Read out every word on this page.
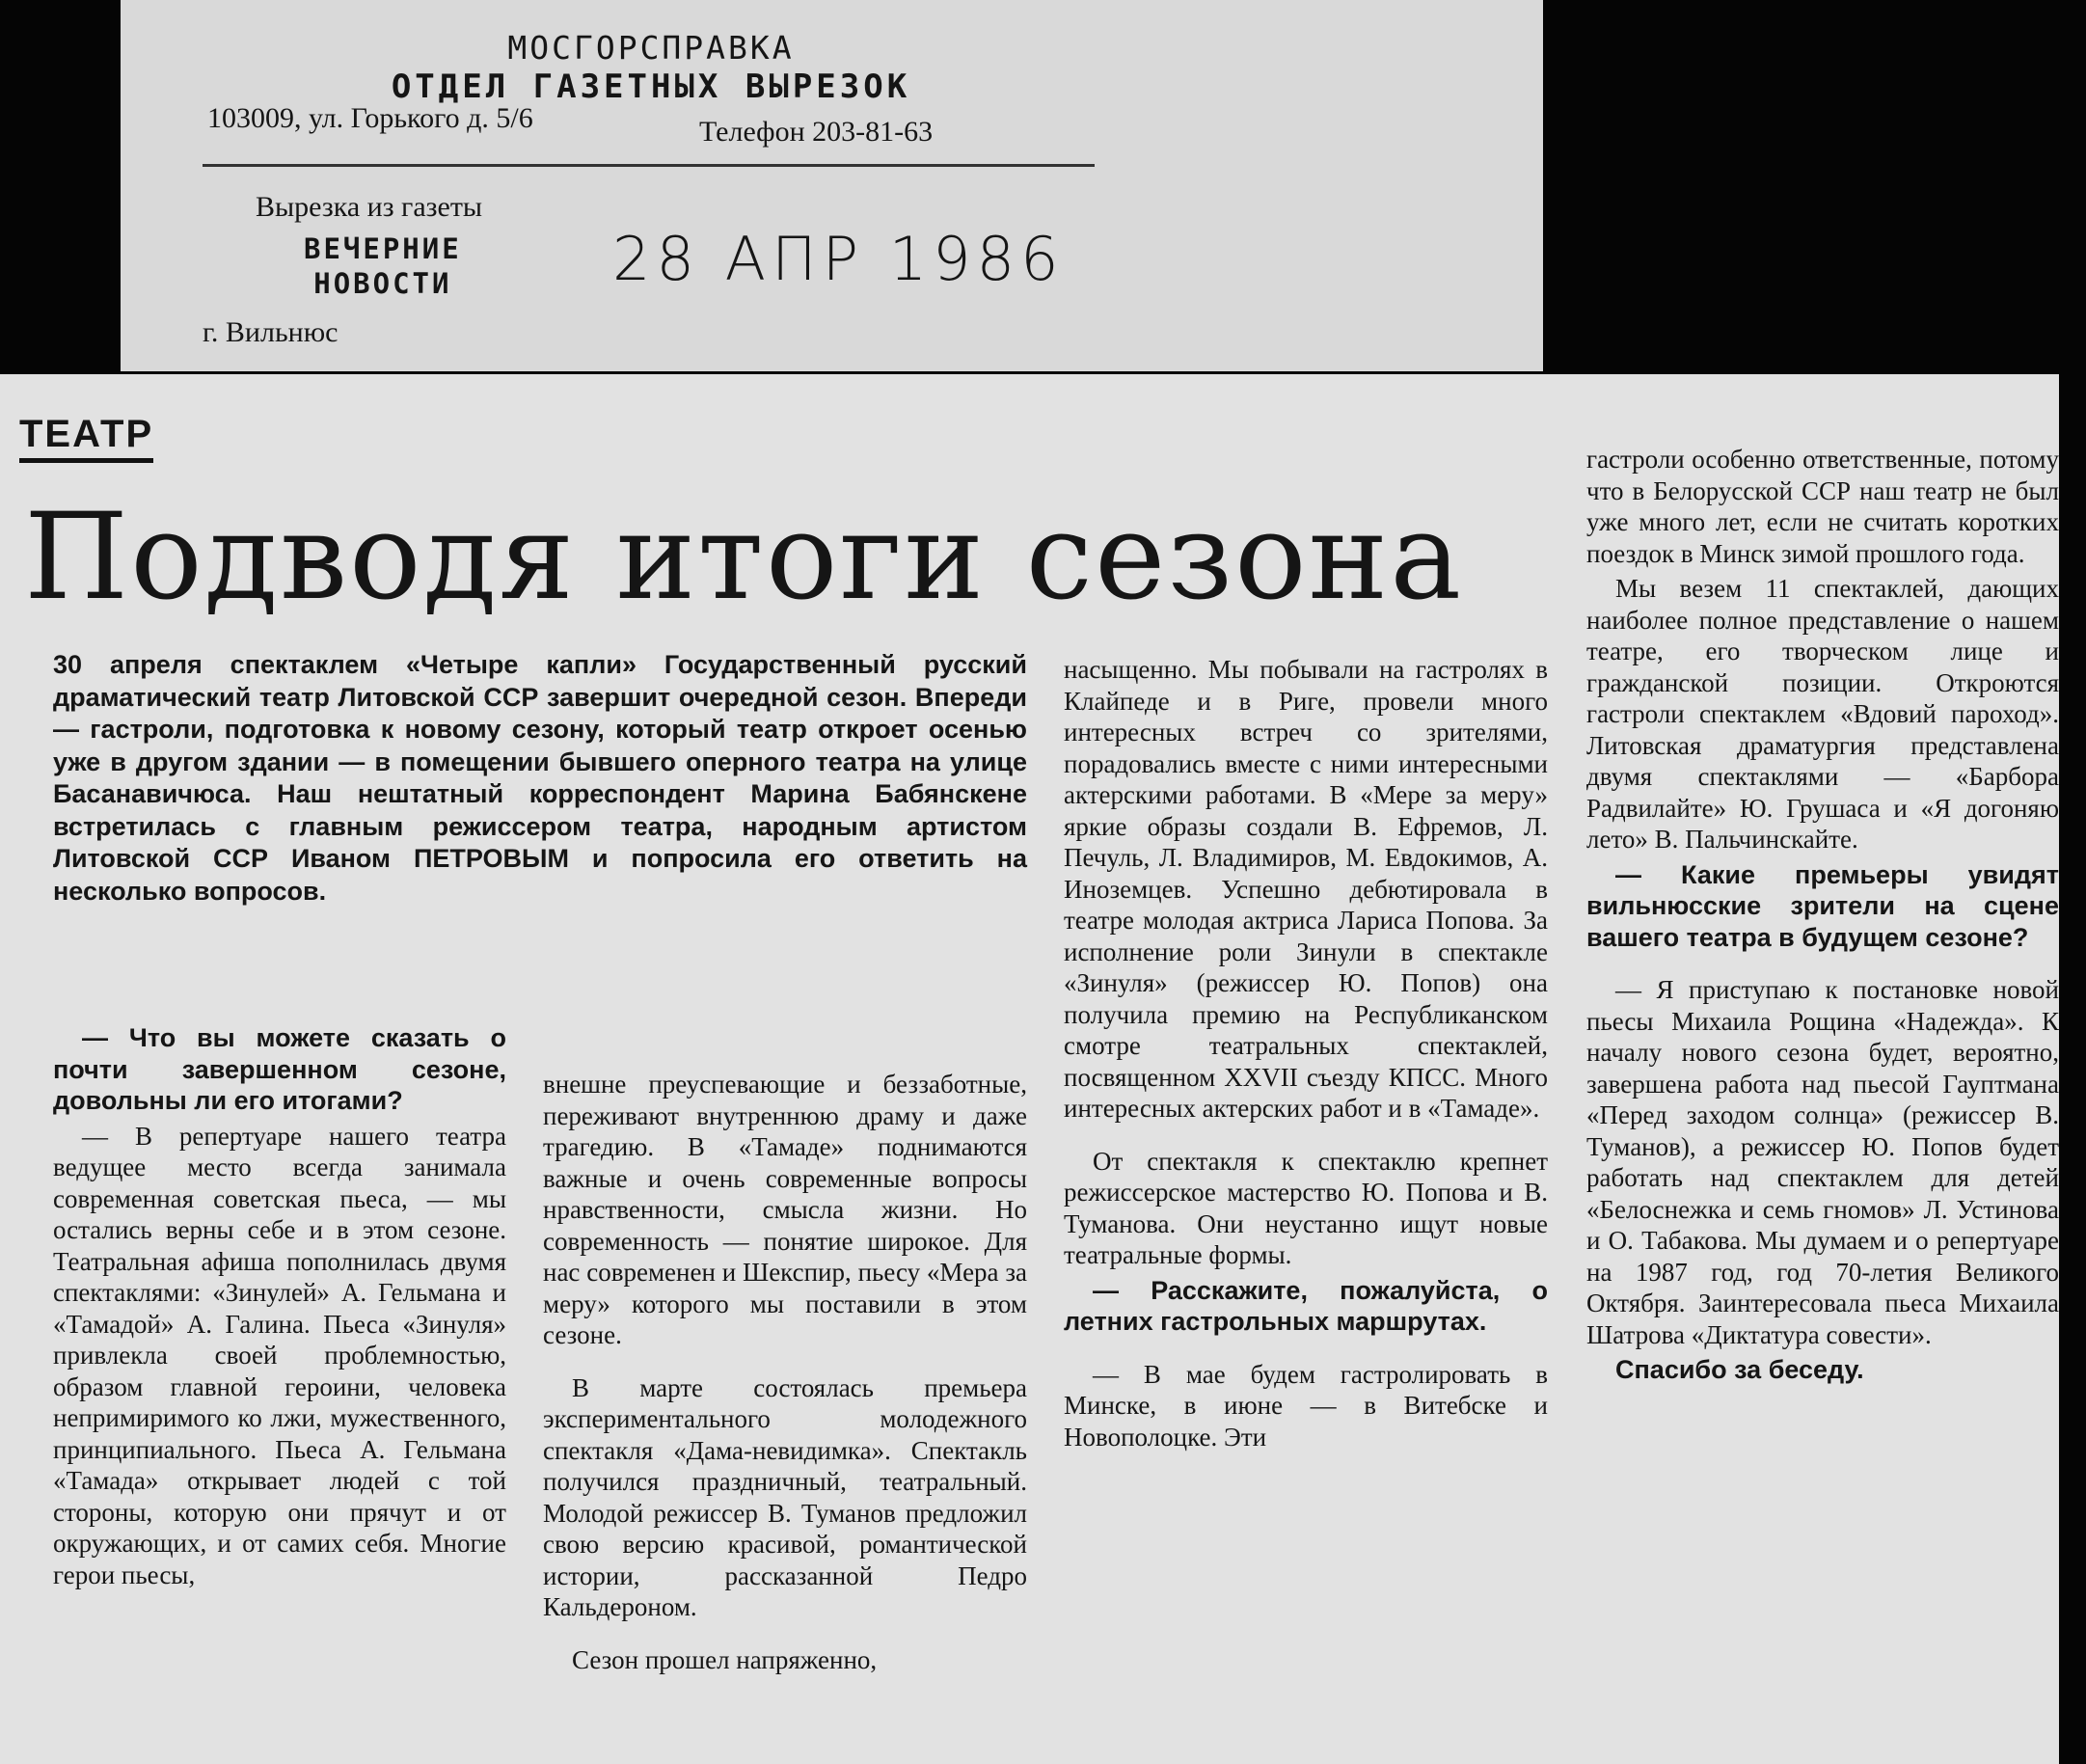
МОСГОРСПРАВКА
ОТДЕЛ ГАЗЕТНЫХ ВЫРЕЗОК
103009, ул. Горького д. 5/6	Телефон 203-81-63
Вырезка из газеты
ВЕЧЕРНИЕ
НОВОСТИ	28 АПР 1986
г. Вильнюс
ТЕАТР
Подводя итоги сезона
30 апреля спектаклем «Четыре капли» Государственный русский драматический театр Литовской ССР завершит очередной сезон. Впереди — гастроли, подготовка к новому сезону, который театр откроет осенью уже в другом здании — в помещении бывшего оперного театра на улице Басанавичюса. Наш нештатный корреспондент Марина Бабянскене встретилась с главным режиссером театра, народным артистом Литовской ССР Иваном ПЕТРОВЫМ и попросила его ответить на несколько вопросов.

— Что вы можете сказать о почти завершенном сезоне, довольны ли его итогами?

— В репертуаре нашего театра ведущее место всегда занимала современная советская пьеса, — мы остались верны себе и в этом сезоне. Театральная афиша пополнилась двумя спектаклями: «Зинулей» А. Гельмана и «Тамадой» А. Галина. Пьеса «Зинуля» привлекла своей проблемностью, образом главной героини, человека непримиримого ко лжи, мужественного, принципиального. Пьеса А. Гельмана «Тамада» открывает людей с той стороны, которую они прячут и от окружающих, и от самих себя. Многие герои пьесы,

внешне преуспевающие и беззаботные, переживают внутреннюю драму и даже трагедию. В «Тамаде» поднимаются важные и очень современные вопросы нравственности, смысла жизни. Но современность — понятие широкое. Для нас современен и Шекспир, пьесу «Мера за меру» которого мы поставили в этом сезоне.

В марте состоялась премьера экспериментального молодежного спектакля «Дама-невидимка». Спектакль получился праздничный, театральный. Молодой режиссер В. Туманов предложил свою версию красивой, романтической истории, рассказанной Педро Кальдероном.

Сезон прошел напряженно,

насыщенно. Мы побывали на гастролях в Клайпеде и в Риге, провели много интересных встреч со зрителями, порадовались вместе с ними интересными актерскими работами. В «Мере за меру» яркие образы создали В. Ефремов, Л. Печуль, Л. Владимиров, М. Евдокимов, А. Иноземцев. Успешно дебютировала в театре молодая актриса Лариса Попова. За исполнение роли Зинули в спектакле «Зинуля» (режиссер Ю. Попов) она получила премию на Республиканском смотре театральных спектаклей, посвященном XXVII съезду КПСС. Много интересных актерских работ и в «Тамаде».

От спектакля к спектаклю крепнет режиссерское мастерство Ю. Попова и В. Туманова. Они неустанно ищут новые театральные формы.

— Расскажите, пожалуйста, о летних гастрольных маршрутах.

— В мае будем гастролировать в Минске, в июне — в Витебске и Новополоцке. Эти

гастроли особенно ответственные, потому что в Белорусской ССР наш театр не был уже много лет, если не считать коротких поездок в Минск зимой прошлого года.

Мы везем 11 спектаклей, дающих наиболее полное представление о нашем театре, его творческом лице и гражданской позиции. Откроются гастроли спектаклем «Вдовий пароход». Литовская драматургия представлена двумя спектаклями — «Барбора Радвилайте» Ю. Грушаса и «Я догоняю лето» В. Пальчинскайте.

— Какие премьеры увидят вильнюсские зрители на сцене вашего театра в будущем сезоне?

— Я приступаю к постановке новой пьесы Михаила Рощина «Надежда». К началу нового сезона будет, вероятно, завершена работа над пьесой Гауптмана «Перед заходом солнца» (режиссер В. Туманов), а режиссер Ю. Попов будет работать над спектаклем для детей «Белоснежка и семь гномов» Л. Устинова и О. Табакова. Мы думаем и о репертуаре на 1987 год, год 70-летия Великого Октября. Заинтересовала пьеса Михаила Шатрова «Диктатура совести».

Спасибо за беседу.
